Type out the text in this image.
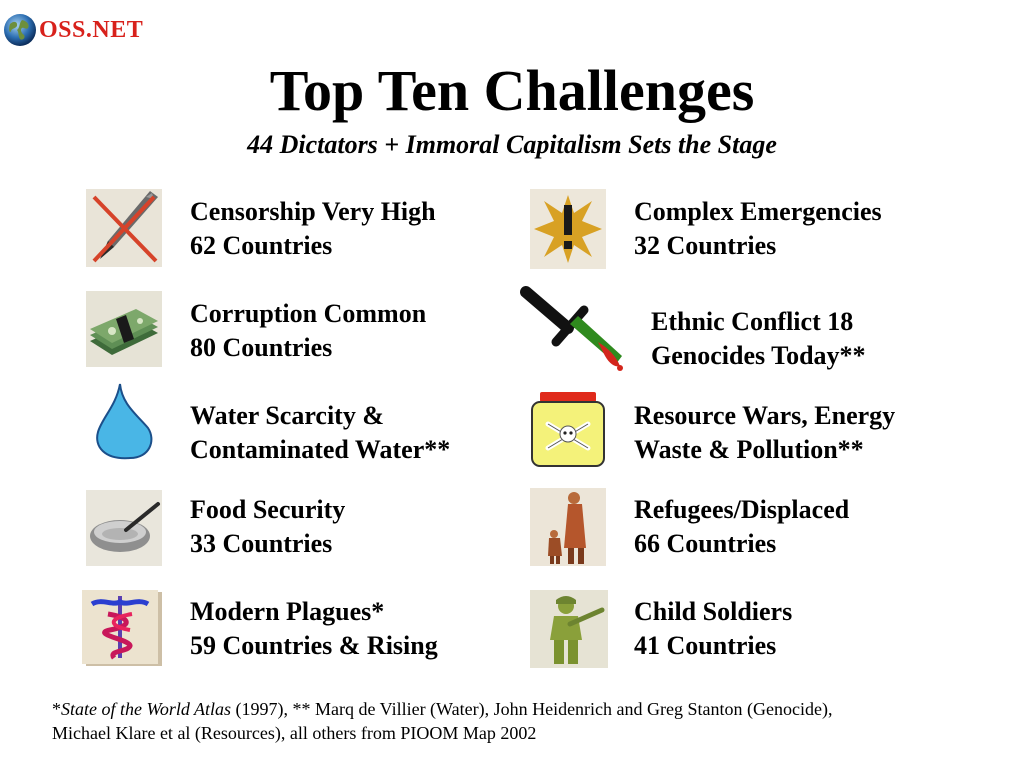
OSS.NET
Top Ten Challenges
44 Dictators + Immoral Capitalism Sets the Stage
Censorship Very High
62 Countries
Complex Emergencies
32 Countries
Corruption Common
80 Countries
Ethnic Conflict 18
Genocides Today**
Water Scarcity &
Contaminated Water**
Resource Wars, Energy
Waste & Pollution**
Food Security
33 Countries
Refugees/Displaced
66 Countries
Modern Plagues*
59 Countries & Rising
Child Soldiers
41 Countries
*State of the World Atlas (1997), ** Marq de Villier (Water), John Heidenrich and Greg Stanton (Genocide),
Michael Klare et al (Resources), all others from PIOOM Map 2002
